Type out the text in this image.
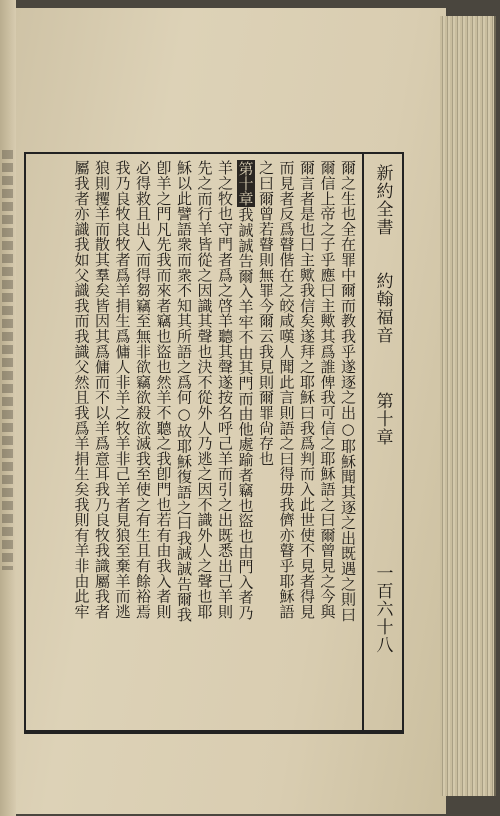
新約全書
約翰福音
第十章
一百六十八
爾之生也全在罪中爾而教我乎遂逐之出○耶穌聞其逐之出既遇之則曰
爾信上帝之子乎應曰主歟其爲誰俾我可信之耶穌語之曰爾曾見之今與
爾言者是也曰主歟我信矣遂拜之耶穌曰我爲判而入此世使不見者得見
而見者反爲瞽偕在之皎咸嘆人聞此言則語之曰得毋我儕亦瞽乎耶穌語
之曰爾曾若瞽則無罪今爾云我見則爾罪尙存也
第十章我誠誠告爾入羊牢不由其門而由他處踰者竊也盜也由門入者乃
羊之牧也守門者爲之啓羊聽其聲遂按名呼己羊而引之出既悉出己羊則
先之而行羊皆從之因識其聲也決不從外人乃逃之因不識外人之聲也耶
穌以此譬語衆而衆不知其所語之爲何○故耶穌復語之曰我誠誠告爾我
卽羊之門凡先我而來者竊也盜也然羊不聽之我卽門也若有由我入者則
必得救且出入而得芻竊至無非欲竊欲殺欲滅我至使之有生且有餘裕焉
我乃良牧良牧者爲羊捐生爲傭人非羊之牧羊非己羊者見狼至棄羊而逃
狼則攫羊而散其羣矣皆因其爲傭而不以羊爲意耳我乃良牧我識屬我者
屬我者亦識我如父識我而我識父然且我爲羊捐生矣我則有羊非由此牢
